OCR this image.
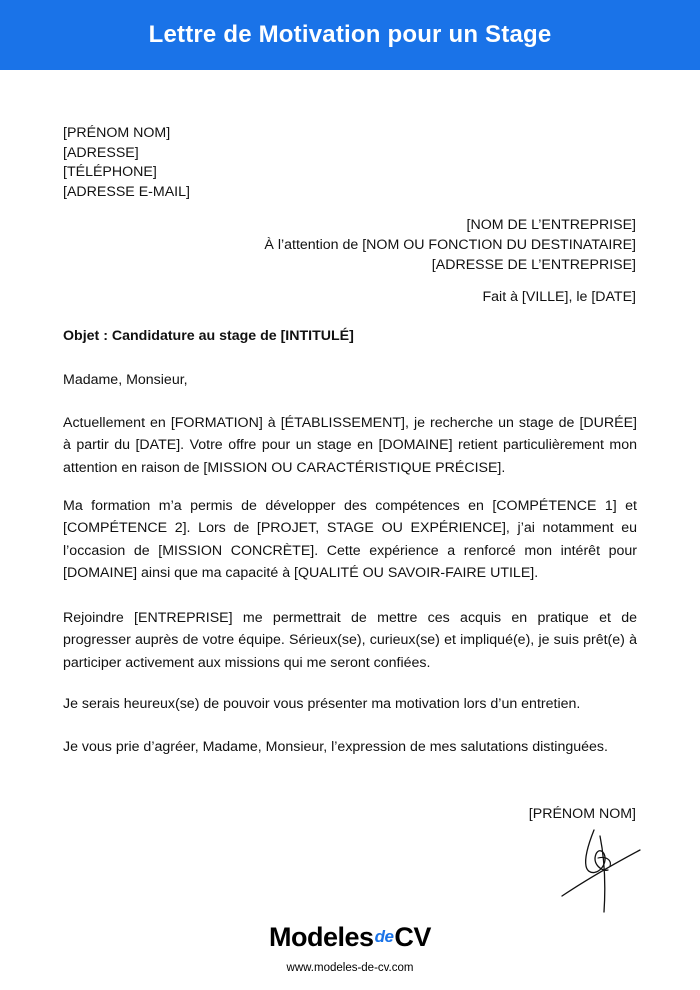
Lettre de Motivation pour un Stage
[PRÉNOM NOM]
[ADRESSE]
[TÉLÉPHONE]
[ADRESSE E-MAIL]
[NOM DE L’ENTREPRISE]
À l’attention de [NOM OU FONCTION DU DESTINATAIRE]
[ADRESSE DE L’ENTREPRISE]
Fait à [VILLE], le [DATE]
Objet : Candidature au stage de [INTITULÉ]
Madame, Monsieur,

Actuellement en [FORMATION] à [ÉTABLISSEMENT], je recherche un stage de [DURÉE] à partir du [DATE]. Votre offre pour un stage en [DOMAINE] retient particulièrement mon attention en raison de [MISSION OU CARACTÉRISTIQUE PRÉCISE].

Ma formation m’a permis de développer des compétences en [COMPÉTENCE 1] et [COMPÉTENCE 2]. Lors de [PROJET, STAGE OU EXPÉRIENCE], j’ai notamment eu l’occasion de [MISSION CONCRÈTE]. Cette expérience a renforcé mon intérêt pour [DOMAINE] ainsi que ma capacité à [QUALITÉ OU SAVOIR-FAIRE UTILE].

Rejoindre [ENTREPRISE] me permettrait de mettre ces acquis en pratique et de progresser auprès de votre équipe. Sérieux(se), curieux(se) et impliqué(e), je suis prêt(e) à participer activement aux missions qui me seront confiées.

Je serais heureux(se) de pouvoir vous présenter ma motivation lors d’un entretien.

Je vous prie d’agréer, Madame, Monsieur, l’expression de mes salutations distinguées.

[PRÉNOM NOM]
Modeles de CV
www.modeles-de-cv.com
